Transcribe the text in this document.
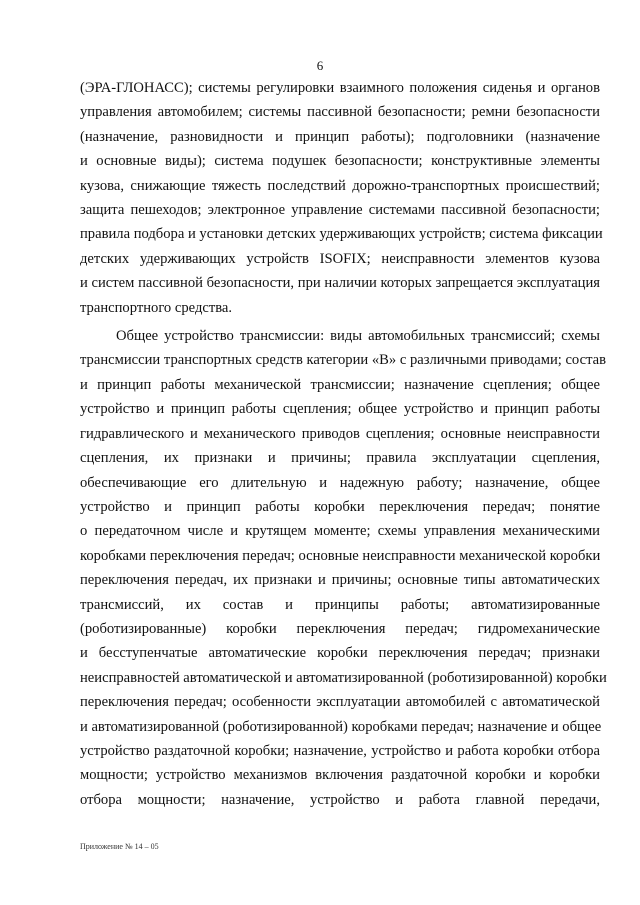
6
(ЭРА-ГЛОНАСС); системы регулировки взаимного положения сиденья и органов
управления автомобилем; системы пассивной безопасности; ремни безопасности
(назначение, разновидности и принцип работы); подголовники (назначение
и основные виды); система подушек безопасности; конструктивные элементы
кузова, снижающие тяжесть последствий дорожно-транспортных происшествий;
защита пешеходов; электронное управление системами пассивной безопасности;
правила подбора и установки детских удерживающих устройств; система фиксации
детских удерживающих устройств ISOFIX; неисправности элементов кузова
и систем пассивной безопасности, при наличии которых запрещается эксплуатация
транспортного средства.
Общее устройство трансмиссии: виды автомобильных трансмиссий; схемы
трансмиссии транспортных средств категории «В» с различными приводами; состав
и принцип работы механической трансмиссии; назначение сцепления; общее
устройство и принцип работы сцепления; общее устройство и принцип работы
гидравлического и механического приводов сцепления; основные неисправности
сцепления, их признаки и причины; правила эксплуатации сцепления,
обеспечивающие его длительную и надежную работу; назначение, общее
устройство и принцип работы коробки переключения передач; понятие
о передаточном числе и крутящем моменте; схемы управления механическими
коробками переключения передач; основные неисправности механической коробки
переключения передач, их признаки и причины; основные типы автоматических
трансмиссий, их состав и принципы работы; автоматизированные
(роботизированные) коробки переключения передач; гидромеханические
и бесступенчатые автоматические коробки переключения передач; признаки
неисправностей автоматической и автоматизированной (роботизированной) коробки
переключения передач; особенности эксплуатации автомобилей с автоматической
и автоматизированной (роботизированной) коробками передач; назначение и общее
устройство раздаточной коробки; назначение, устройство и работа коробки отбора
мощности; устройство механизмов включения раздаточной коробки и коробки
отбора мощности; назначение, устройство и работа главной передачи,
Приложение № 14 – 05
